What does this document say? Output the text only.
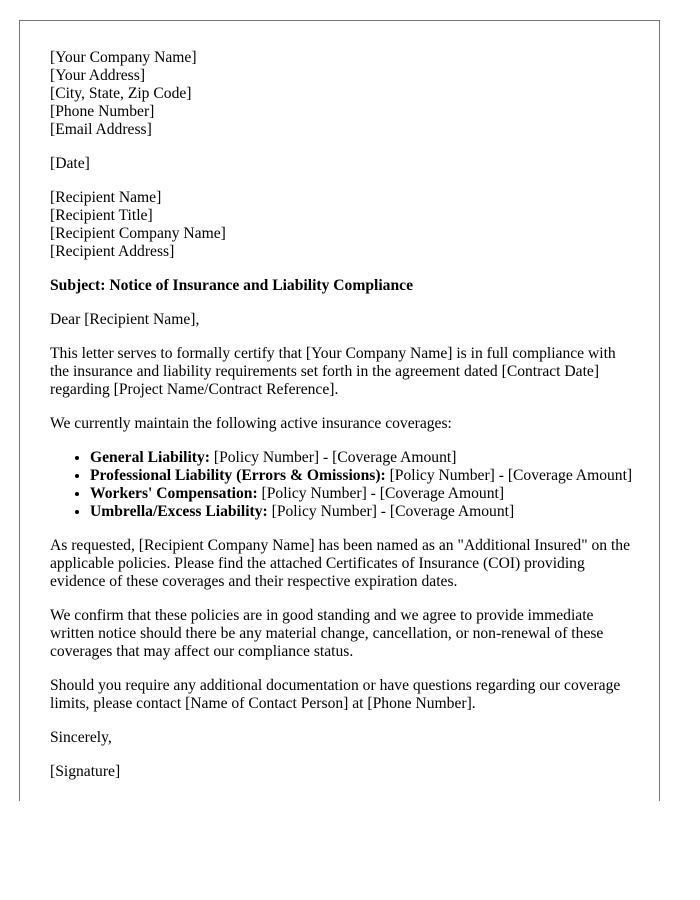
[Your Company Name]
[Your Address]
[City, State, Zip Code]
[Phone Number]
[Email Address]
[Date]
[Recipient Name]
[Recipient Title]
[Recipient Company Name]
[Recipient Address]

Subject: Notice of Insurance and Liability Compliance

Dear [Recipient Name],

This letter serves to formally certify that [Your Company Name] is in full compliance with the insurance and liability requirements set forth in the agreement dated [Contract Date] regarding [Project Name/Contract Reference].

We currently maintain the following active insurance coverages:

• General Liability: [Policy Number] - [Coverage Amount]
• Professional Liability (Errors & Omissions): [Policy Number] - [Coverage Amount]
• Workers' Compensation: [Policy Number] - [Coverage Amount]
• Umbrella/Excess Liability: [Policy Number] - [Coverage Amount]

As requested, [Recipient Company Name] has been named as an "Additional Insured" on the applicable policies. Please find the attached Certificates of Insurance (COI) providing evidence of these coverages and their respective expiration dates.

We confirm that these policies are in good standing and we agree to provide immediate written notice should there be any material change, cancellation, or non-renewal of these coverages that may affect our compliance status.

Should you require any additional documentation or have questions regarding our coverage limits, please contact [Name of Contact Person] at [Phone Number].

Sincerely,

[Signature]
